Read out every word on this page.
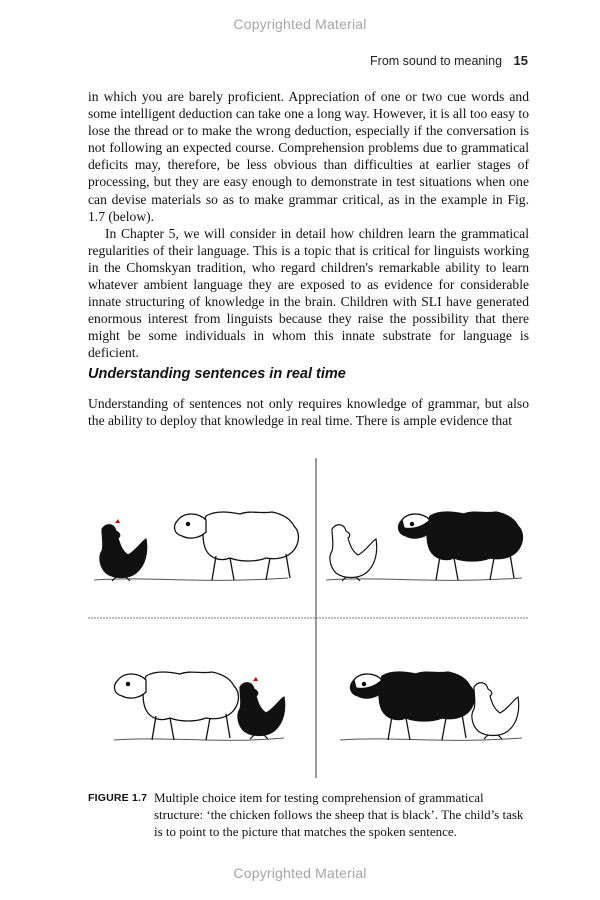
Copyrighted Material
From sound to meaning 15

in which you are barely proficient. Appreciation of one or two cue words and some intelligent deduction can take one a long way. However, it is all too easy to lose the thread or to make the wrong deduction, especially if the conversation is not following an expected course. Comprehension problems due to grammatical deficits may, therefore, be less obvious than difficulties at earlier stages of processing, but they are easy enough to demonstrate in test situations when one can devise materials so as to make grammar critical, as in the example in Fig. 1.7 (below).

In Chapter 5, we will consider in detail how children learn the grammatical regularities of their language. This is a topic that is critical for linguists working in the Chomskyan tradition, who regard children's remarkable ability to learn whatever ambient language they are exposed to as evidence for considerable innate structuring of knowledge in the brain. Children with SLI have generated enormous interest from linguists because they raise the possibility that there might be some individuals in whom this innate substrate for language is deficient.

Understanding sentences in real time

Understanding of sentences not only requires knowledge of grammar, but also the ability to deploy that knowledge in real time. There is ample evidence that

FIGURE 1.7 Multiple choice item for testing comprehension of grammatical structure: ‘the chicken follows the sheep that is black’. The child’s task is to point to the picture that matches the spoken sentence.
Copyrighted Material
